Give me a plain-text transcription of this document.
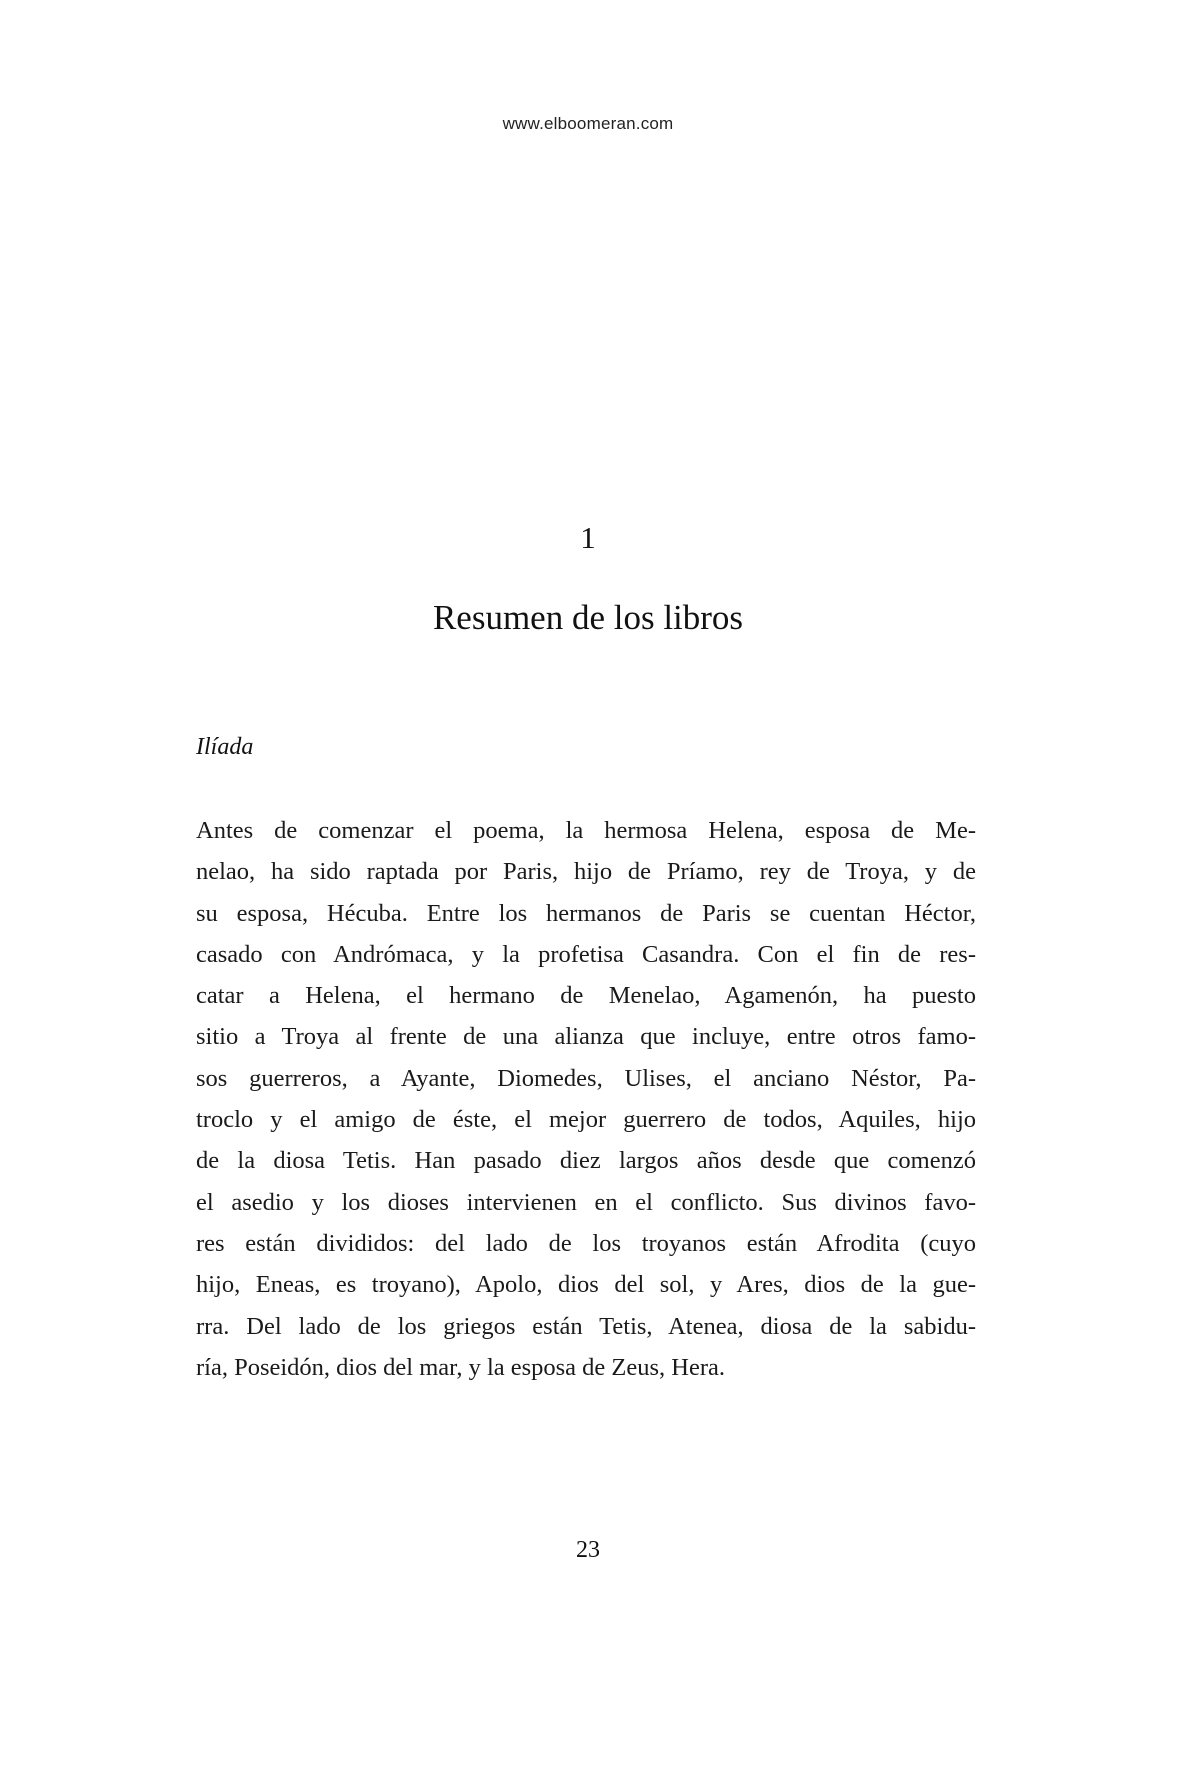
www.elboomeran.com
1
Resumen de los libros
Ilíada
Antes de comenzar el poema, la hermosa Helena, esposa de Me-
nelao, ha sido raptada por Paris, hijo de Príamo, rey de Troya, y de
su esposa, Hécuba. Entre los hermanos de Paris se cuentan Héctor,
casado con Andrómaca, y la profetisa Casandra. Con el fin de res-
catar a Helena, el hermano de Menelao, Agamenón, ha puesto
sitio a Troya al frente de una alianza que incluye, entre otros famo-
sos guerreros, a Ayante, Diomedes, Ulises, el anciano Néstor, Pa-
troclo y el amigo de éste, el mejor guerrero de todos, Aquiles, hijo
de la diosa Tetis. Han pasado diez largos años desde que comenzó
el asedio y los dioses intervienen en el conflicto. Sus divinos favo-
res están divididos: del lado de los troyanos están Afrodita (cuyo
hijo, Eneas, es troyano), Apolo, dios del sol, y Ares, dios de la gue-
rra. Del lado de los griegos están Tetis, Atenea, diosa de la sabidu-
ría, Poseidón, dios del mar, y la esposa de Zeus, Hera.
23
